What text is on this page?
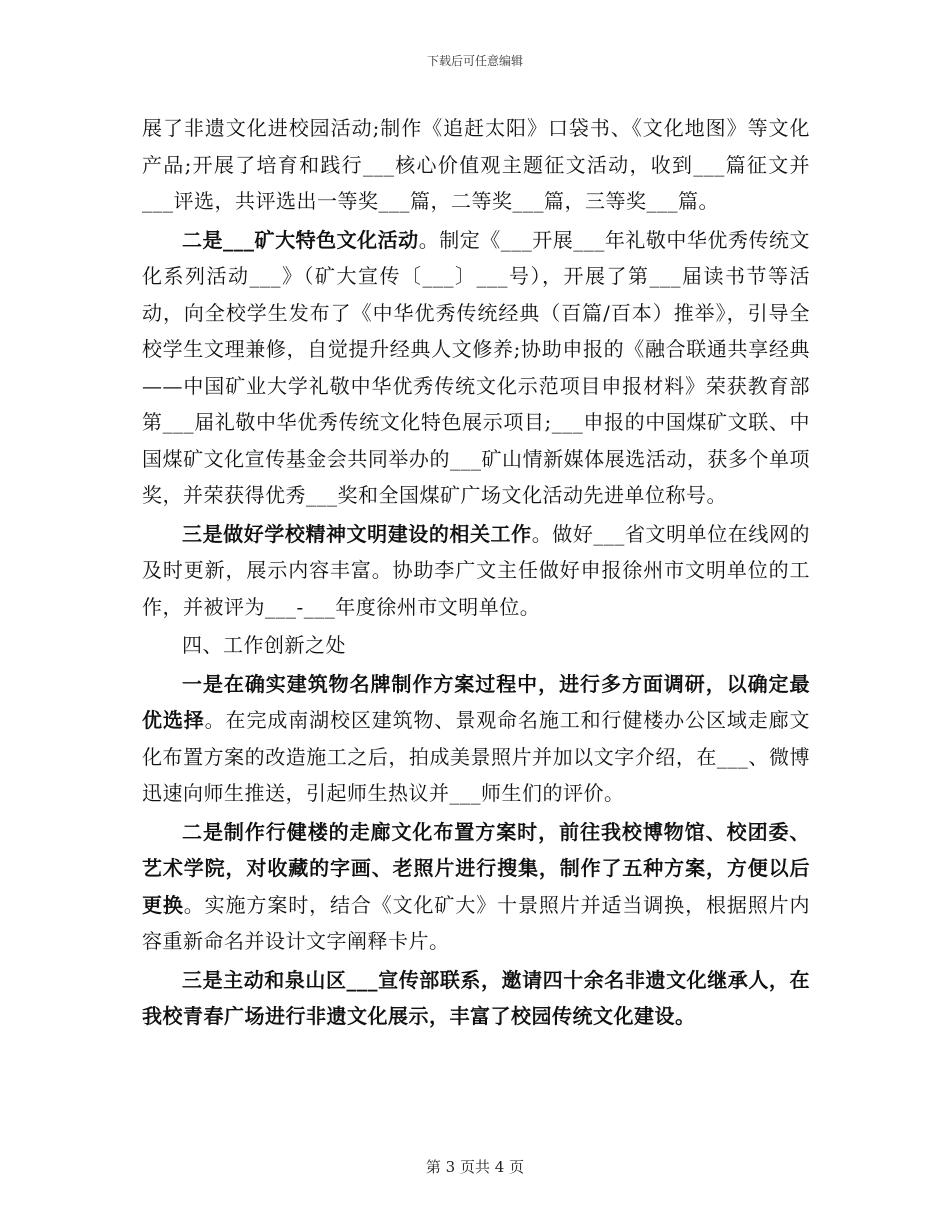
下载后可任意编辑

展了非遗文化进校园活动;制作《追赶太阳》口袋书、《文化地图》等文化产品;开展了培育和践行___核心价值观主题征文活动，收到___篇征文并___评选，共评选出一等奖___篇，二等奖___篇，三等奖___篇。

二是___矿大特色文化活动。制定《___开展___年礼敬中华优秀传统文化系列活动___》（矿大宣传〔___〕___号），开展了第___届读书节等活动，向全校学生发布了《中华优秀传统经典（百篇/百本）推举》，引导全校学生文理兼修，自觉提升经典人文修养;协助申报的《融合联通共享经典——中国矿业大学礼敬中华优秀传统文化示范项目申报材料》荣获教育部第___届礼敬中华优秀传统文化特色展示项目;___申报的中国煤矿文联、中国煤矿文化宣传基金会共同举办的___矿山情新媒体展选活动，获多个单项奖，并荣获得优秀___奖和全国煤矿广场文化活动先进单位称号。

三是做好学校精神文明建设的相关工作。做好___省文明单位在线网的及时更新，展示内容丰富。协助李广文主任做好申报徐州市文明单位的工作，并被评为___-___年度徐州市文明单位。

四、工作创新之处

一是在确实建筑物名牌制作方案过程中，进行多方面调研，以确定最优选择。在完成南湖校区建筑物、景观命名施工和行健楼办公区域走廊文化布置方案的改造施工之后，拍成美景照片并加以文字介绍，在___、微博迅速向师生推送，引起师生热议并___师生们的评价。

二是制作行健楼的走廊文化布置方案时，前往我校博物馆、校团委、艺术学院，对收藏的字画、老照片进行搜集，制作了五种方案，方便以后更换。实施方案时，结合《文化矿大》十景照片并适当调换，根据照片内容重新命名并设计文字阐释卡片。

三是主动和泉山区___宣传部联系，邀请四十余名非遗文化继承人，在我校青春广场进行非遗文化展示，丰富了校园传统文化建设。

第 3 页共 4 页
